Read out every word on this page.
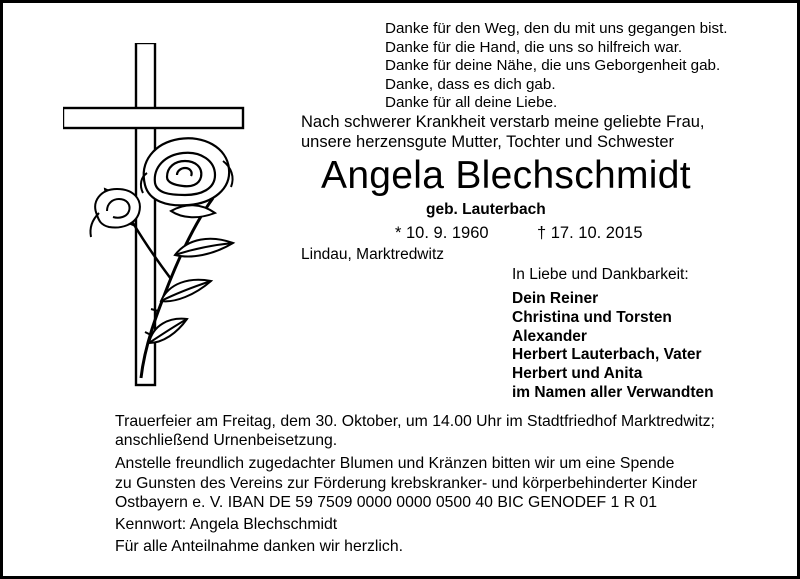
Danke für den Weg, den du mit uns gegangen bist.
Danke für die Hand, die uns so hilfreich war.
Danke für deine Nähe, die uns Geborgenheit gab.
Danke, dass es dich gab.
Danke für all deine Liebe.
Nach schwerer Krankheit verstarb meine geliebte Frau,
unsere herzensgute Mutter, Tochter und Schwester
Angela Blechschmidt
geb. Lauterbach
* 10. 9. 1960	† 17. 10. 2015
Lindau, Marktredwitz
In Liebe und Dankbarkeit:
Dein Reiner
Christina und Torsten
Alexander
Herbert Lauterbach, Vater
Herbert und Anita
im Namen aller Verwandten
Trauerfeier am Freitag, dem 30. Oktober, um 14.00 Uhr im Stadtfriedhof Marktredwitz;
anschließend Urnenbeisetzung.
Anstelle freundlich zugedachter Blumen und Kränzen bitten wir um eine Spende
zu Gunsten des Vereins zur Förderung krebskranker- und körperbehinderter Kinder
Ostbayern e. V. IBAN DE 59 7509 0000 0000 0500 40 BIC GENODEF 1 R 01
Kennwort: Angela Blechschmidt
Für alle Anteilnahme danken wir herzlich.
